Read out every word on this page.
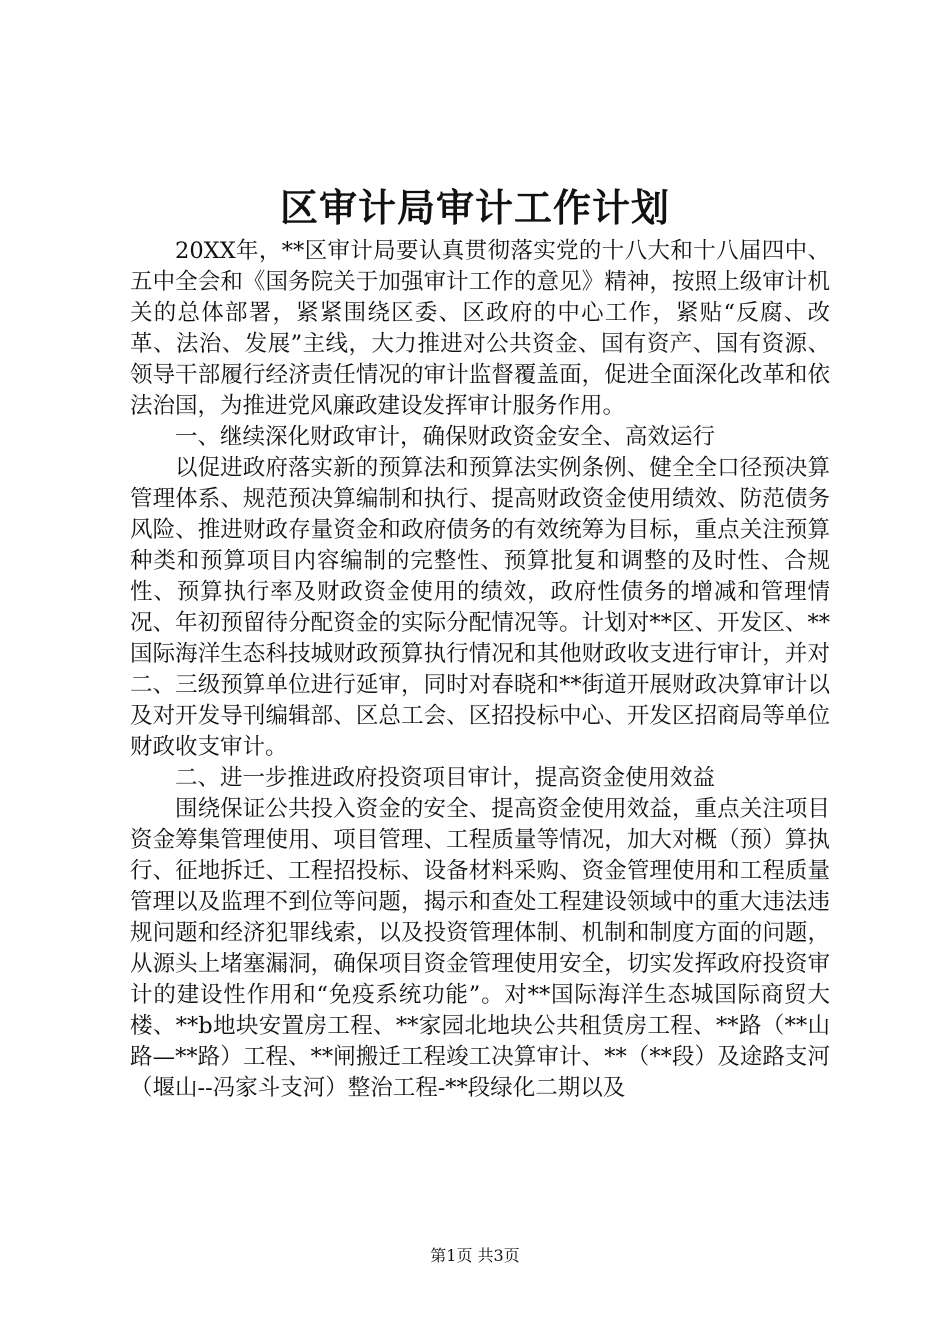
区审计局审计工作计划

20XX年，**区审计局要认真贯彻落实党的十八大和十八届四中、五中全会和《国务院关于加强审计工作的意见》精神，按照上级审计机关的总体部署，紧紧围绕区委、区政府的中心工作，紧贴“反腐、改革、法治、发展”主线，大力推进对公共资金、国有资产、国有资源、领导干部履行经济责任情况的审计监督覆盖面，促进全面深化改革和依法治国，为推进党风廉政建设发挥审计服务作用。

一、继续深化财政审计，确保财政资金安全、高效运行

以促进政府落实新的预算法和预算法实例条例、健全全口径预决算管理体系、规范预决算编制和执行、提高财政资金使用绩效、防范债务风险、推进财政存量资金和政府债务的有效统筹为目标，重点关注预算种类和预算项目内容编制的完整性、预算批复和调整的及时性、合规性、预算执行率及财政资金使用的绩效，政府性债务的增减和管理情况、年初预留待分配资金的实际分配情况等。计划对**区、开发区、**国际海洋生态科技城财政预算执行情况和其他财政收支进行审计，并对二、三级预算单位进行延审，同时对春晓和**街道开展财政决算审计以及对开发导刊编辑部、区总工会、区招投标中心、开发区招商局等单位财政收支审计。

二、进一步推进政府投资项目审计，提高资金使用效益

围绕保证公共投入资金的安全、提高资金使用效益，重点关注项目资金筹集管理使用、项目管理、工程质量等情况，加大对概（预）算执行、征地拆迁、工程招投标、设备材料采购、资金管理使用和工程质量管理以及监理不到位等问题，揭示和查处工程建设领域中的重大违法违规问题和经济犯罪线索，以及投资管理体制、机制和制度方面的问题，从源头上堵塞漏洞，确保项目资金管理使用安全，切实发挥政府投资审计的建设性作用和“免疫系统功能”。对**国际海洋生态城国际商贸大楼、**b地块安置房工程、**家园北地块公共租赁房工程、**路（**山路—**路）工程、**闸搬迁工程竣工决算审计、**（**段）及途路支河（堰山--冯家斗支河）整治工程-**段绿化二期以及

第1页 共3页
